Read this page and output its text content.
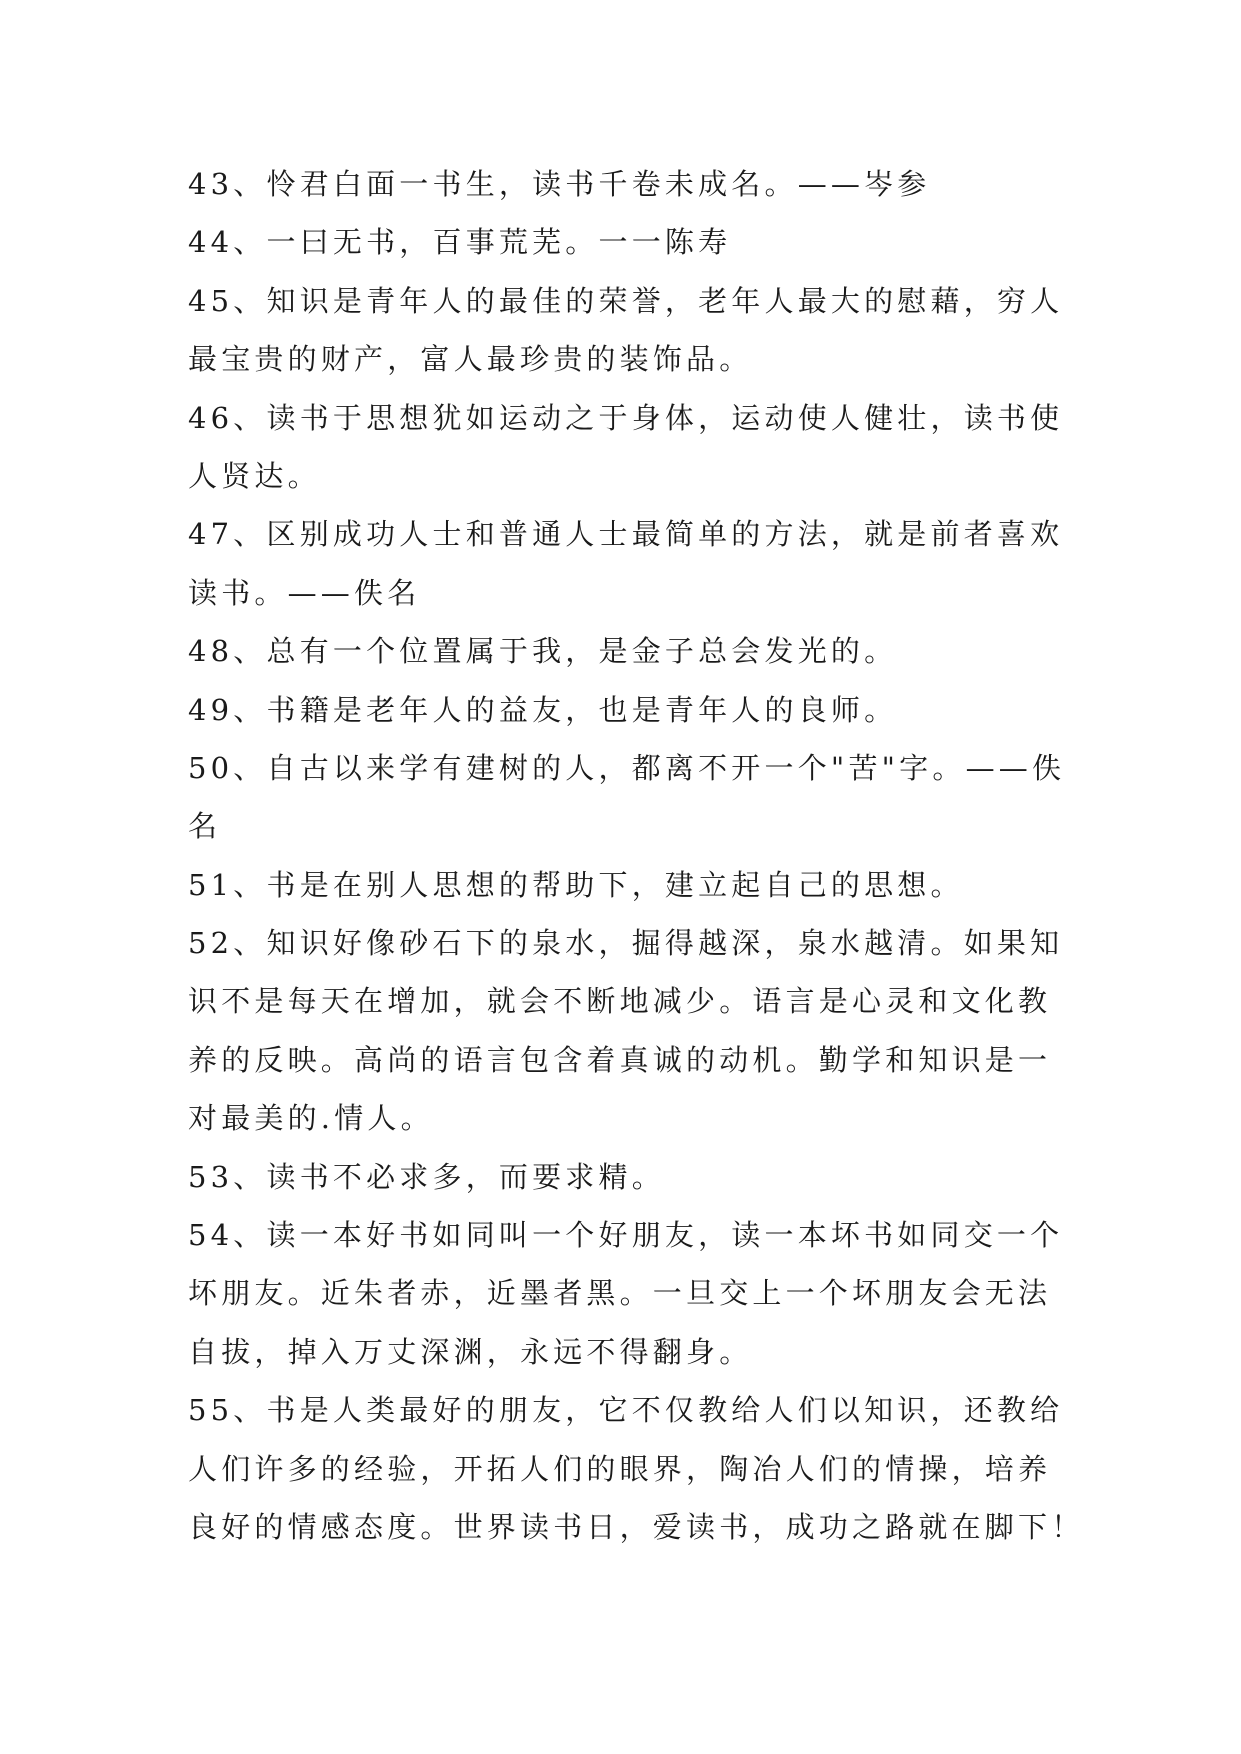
43、怜君白面一书生，读书千卷未成名。——岑参
44、一曰无书，百事荒芜。一一陈寿
45、知识是青年人的最佳的荣誉，老年人最大的慰藉，穷人
最宝贵的财产，富人最珍贵的装饰品。
46、读书于思想犹如运动之于身体，运动使人健壮，读书使
人贤达。
47、区别成功人士和普通人士最简单的方法，就是前者喜欢
读书。——佚名
48、总有一个位置属于我，是金子总会发光的。
49、书籍是老年人的益友，也是青年人的良师。
50、自古以来学有建树的人，都离不开一个"苦"字。——佚
名
51、书是在别人思想的帮助下，建立起自己的思想。
52、知识好像砂石下的泉水，掘得越深，泉水越清。如果知
识不是每天在增加，就会不断地减少。语言是心灵和文化教
养的反映。高尚的语言包含着真诚的动机。勤学和知识是一
对最美的.情人。
53、读书不必求多，而要求精。
54、读一本好书如同叫一个好朋友，读一本坏书如同交一个
坏朋友。近朱者赤，近墨者黑。一旦交上一个坏朋友会无法
自拔，掉入万丈深渊，永远不得翻身。
55、书是人类最好的朋友，它不仅教给人们以知识，还教给
人们许多的经验，开拓人们的眼界，陶冶人们的情操，培养
良好的情感态度。世界读书日，爱读书，成功之路就在脚下！
